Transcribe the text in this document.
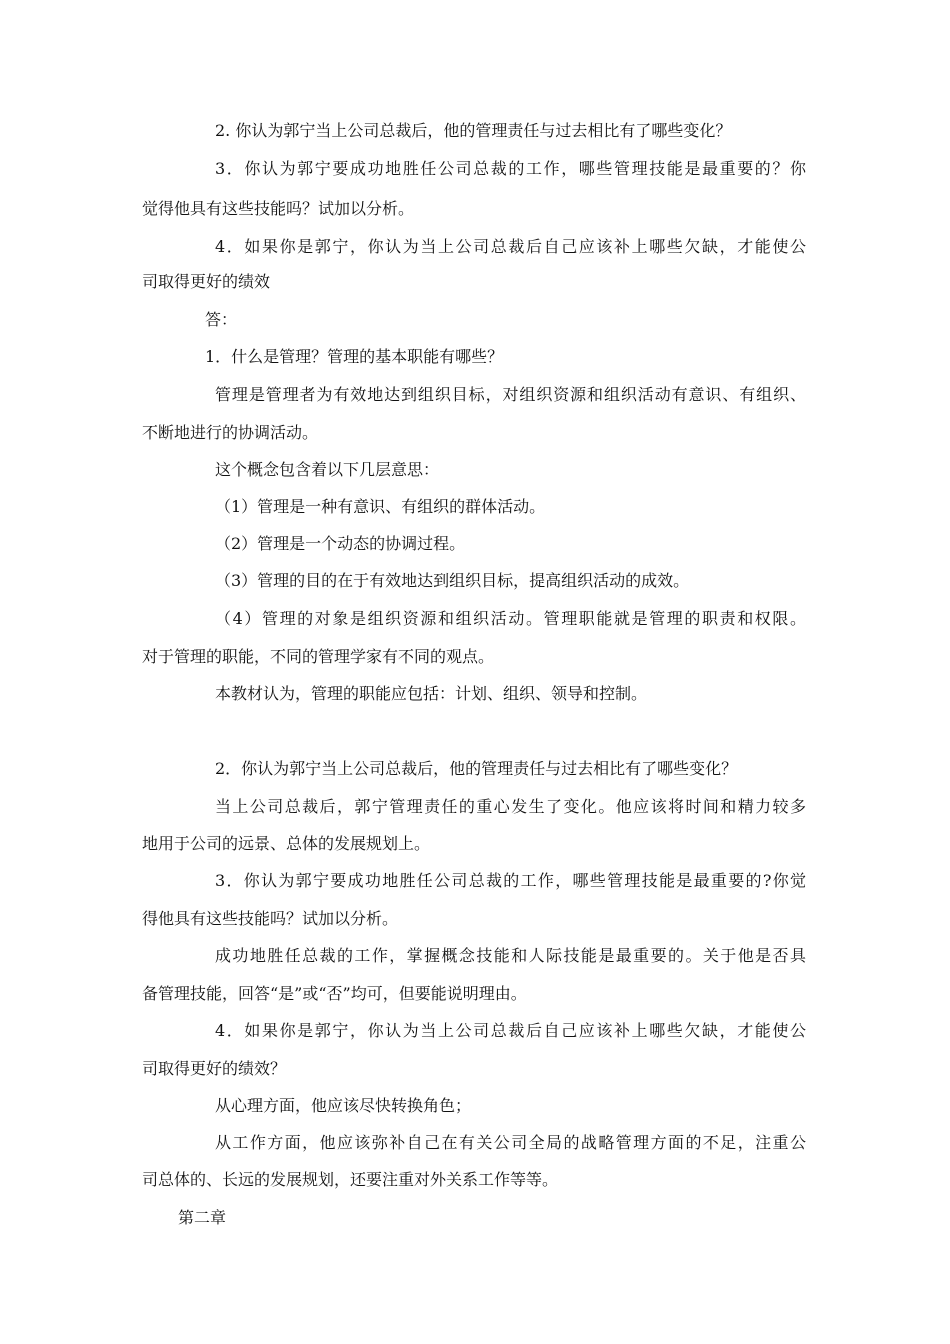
2. 你认为郭宁当上公司总裁后，他的管理责任与过去相比有了哪些变化？
3．你认为郭宁要成功地胜任公司总裁的工作，哪些管理技能是最重要的？你
觉得他具有这些技能吗？试加以分析。
4．如果你是郭宁，你认为当上公司总裁后自己应该补上哪些欠缺，才能使公
司取得更好的绩效
答：
1．什么是管理？管理的基本职能有哪些？
管理是管理者为有效地达到组织目标，对组织资源和组织活动有意识、有组织、
不断地进行的协调活动。
这个概念包含着以下几层意思：
（1）管理是一种有意识、有组织的群体活动。
（2）管理是一个动态的协调过程。
（3）管理的目的在于有效地达到组织目标，提高组织活动的成效。
（4）管理的对象是组织资源和组织活动。管理职能就是管理的职责和权限。
对于管理的职能，不同的管理学家有不同的观点。
本教材认为，管理的职能应包括：计划、组织、领导和控制。
2．你认为郭宁当上公司总裁后，他的管理责任与过去相比有了哪些变化？
当上公司总裁后，郭宁管理责任的重心发生了变化。他应该将时间和精力较多
地用于公司的远景、总体的发展规划上。
3．你认为郭宁要成功地胜任公司总裁的工作，哪些管理技能是最重要的?你觉
得他具有这些技能吗？试加以分析。
成功地胜任总裁的工作，掌握概念技能和人际技能是最重要的。关于他是否具
备管理技能，回答“是”或“否”均可，但要能说明理由。
4．如果你是郭宁，你认为当上公司总裁后自己应该补上哪些欠缺，才能使公
司取得更好的绩效？
从心理方面，他应该尽快转换角色；
从工作方面，他应该弥补自己在有关公司全局的战略管理方面的不足，注重公
司总体的、长远的发展规划，还要注重对外关系工作等等。
第二章
